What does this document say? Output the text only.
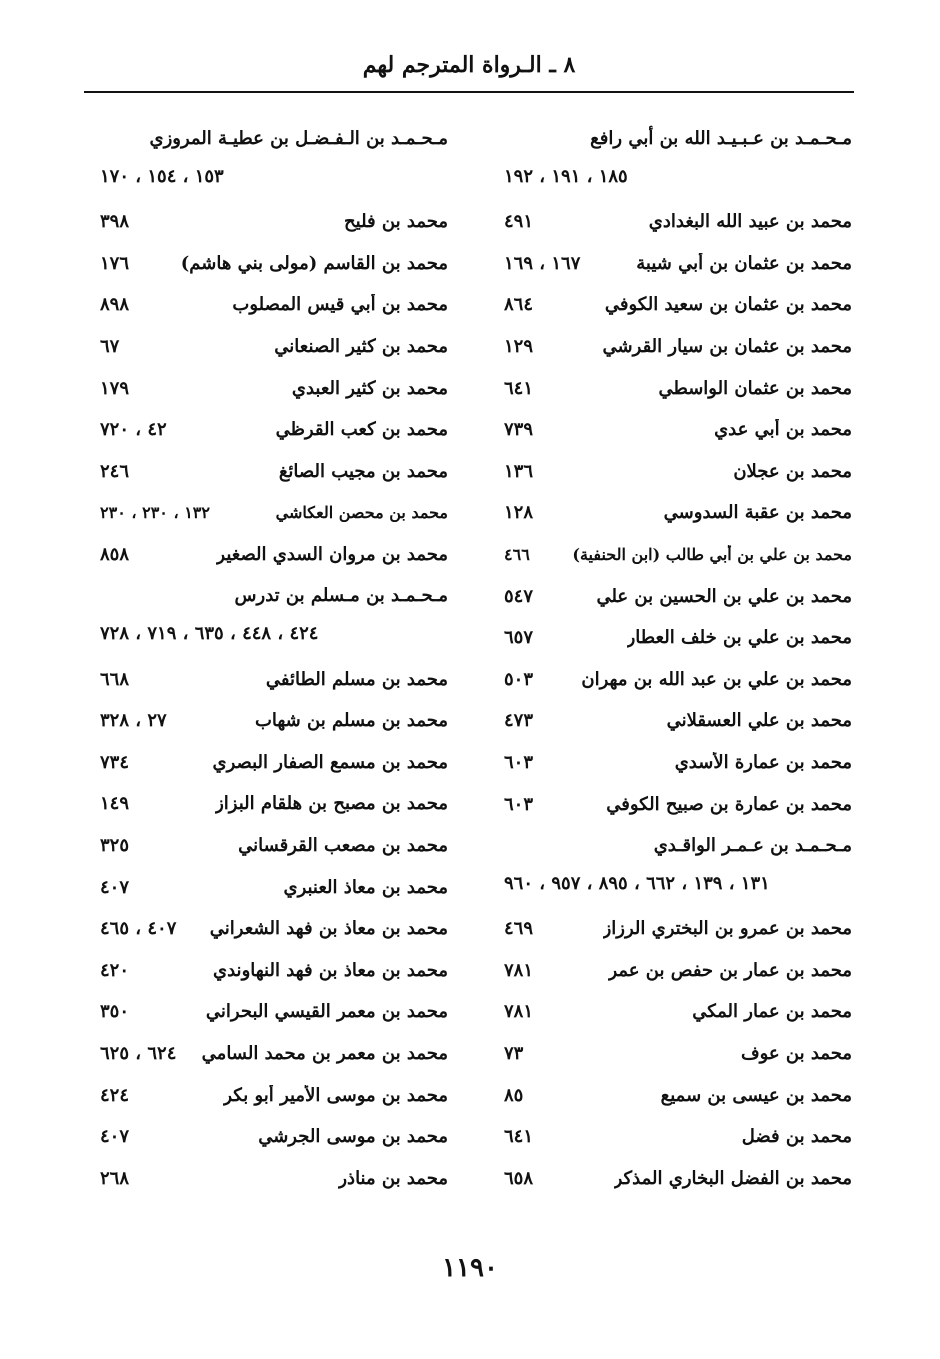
٨ ـ الـرواة المترجم لهم
مـحـمـد بن عـبـيـد الله بن أبي رافع
١٨٥ ، ١٩١ ، ١٩٢
محمد بن عبيد الله البغدادي
٤٩١
محمد بن عثمان بن أبي شيبة
١٦٧ ، ١٦٩
محمد بن عثمان بن سعيد الكوفي
٨٦٤
محمد بن عثمان بن سيار القرشي
١٢٩
محمد بن عثمان الواسطي
٦٤١
محمد بن أبي عدي
٧٣٩
محمد بن عجلان
١٣٦
محمد بن عقبة السدوسي
١٢٨
محمد بن علي بن أبي طالب (ابن الحنفية)
٤٦٦
محمد بن علي بن الحسين بن علي
٥٤٧
محمد بن علي بن خلف العطار
٦٥٧
محمد بن علي بن عبد الله بن مهران
٥٠٣
محمد بن علي العسقلاني
٤٧٣
محمد بن عمارة الأسدي
٦٠٣
محمد بن عمارة بن صبيح الكوفي
٦٠٣
مـحـمـد بن عـمـر الواقـدي
١٣١ ، ١٣٩ ، ٦٦٢ ، ٨٩٥ ، ٩٥٧ ، ٩٦٠
محمد بن عمرو بن البختري الرزاز
٤٦٩
محمد بن عمار بن حفص بن عمر
٧٨١
محمد بن عمار المكي
٧٨١
محمد بن عوف
٧٣
محمد بن عيسى بن سميع
٨٥
محمد بن فضل
٦٤١
محمد بن الفضل البخاري المذكر
٦٥٨
مـحـمـد بن الـفـضـل بن عطيـة المروزي
١٥٣ ، ١٥٤ ، ١٧٠
محمد بن فليح
٣٩٨
محمد بن القاسم (مولى بني هاشم)
١٧٦
محمد بن أبي قيس المصلوب
٨٩٨
محمد بن كثير الصنعاني
٦٧
محمد بن كثير العبدي
١٧٩
محمد بن كعب القرظي
٤٢ ، ٧٢٠
محمد بن مجيب الصائغ
٢٤٦
محمد بن محصن العكاشي
١٣٢ ، ٢٣٠ ، ٢٣٠
محمد بن مروان السدي الصغير
٨٥٨
مـحـمـد بن مـسلم بن تدرس
٤٢٤ ، ٤٤٨ ، ٦٣٥ ، ٧١٩ ، ٧٢٨
محمد بن مسلم الطائفي
٦٦٨
محمد بن مسلم بن شهاب
٢٧ ، ٣٢٨
محمد بن مسمع الصفار البصري
٧٣٤
محمد بن مصبح بن هلقام البزاز
١٤٩
محمد بن مصعب القرقساني
٣٢٥
محمد بن معاذ العنبري
٤٠٧
محمد بن معاذ بن فهد الشعراني
٤٠٧ ، ٤٦٥
محمد بن معاذ بن فهد النهاوندي
٤٢٠
محمد بن معمر القيسي البحراني
٣٥٠
محمد بن معمر بن محمد السامي
٦٢٤ ، ٦٢٥
محمد بن موسى الأمير أبو بكر
٤٢٤
محمد بن موسى الجرشي
٤٠٧
محمد بن مناذر
٢٦٨
١١٩٠
